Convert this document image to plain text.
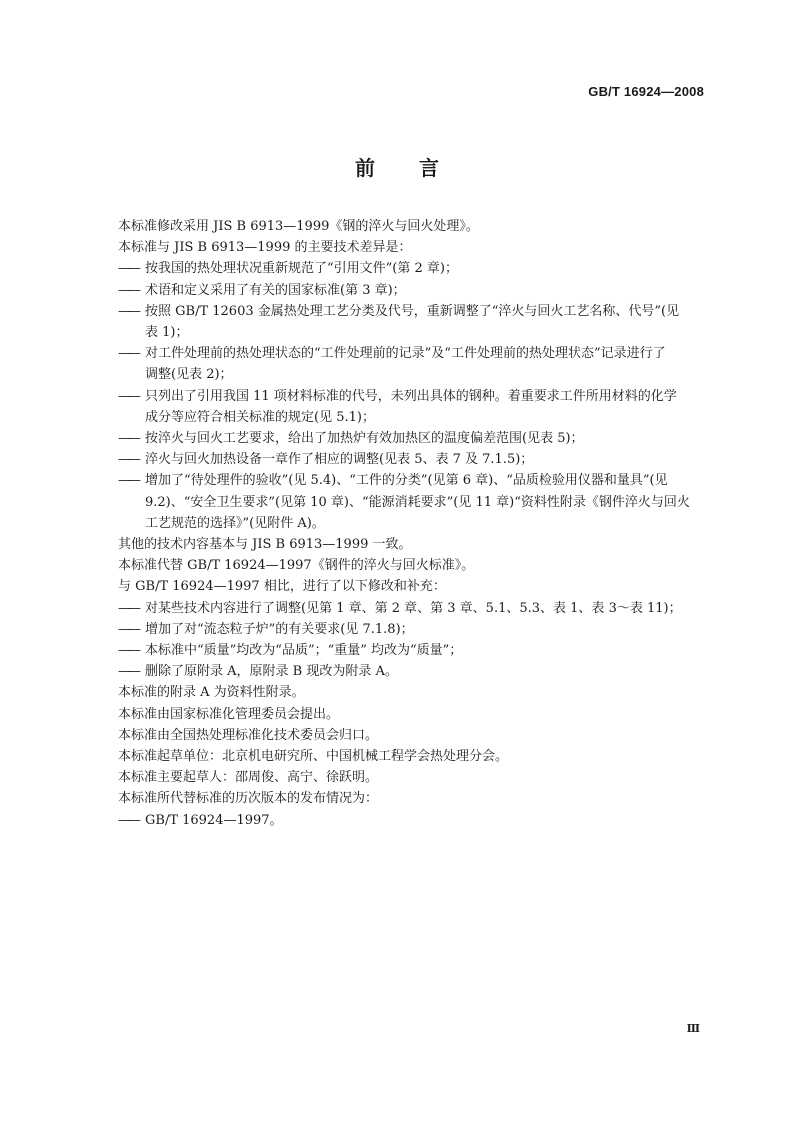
GB/T 16924—2008
前言

本标准修改采用 JIS B 6913—1999《钢的淬火与回火处理》。

本标准与 JIS B 6913—1999 的主要技术差异是：

—— 按我国的热处理状况重新规范了“引用文件”(第 2 章)；
—— 术语和定义采用了有关的国家标准(第 3 章)；
—— 按照 GB/T 12603 金属热处理工艺分类及代号，重新调整了“淬火与回火工艺名称、代号”(见
表 1)；
—— 对工件处理前的热处理状态的“工件处理前的记录”及“工件处理前的热处理状态”记录进行了
调整(见表 2)；
—— 只列出了引用我国 11 项材料标准的代号，未列出具体的钢种。着重要求工件所用材料的化学
成分等应符合相关标准的规定(见 5.1)；
—— 按淬火与回火工艺要求，给出了加热炉有效加热区的温度偏差范围(见表 5)；
—— 淬火与回火加热设备一章作了相应的调整(见表 5、表 7 及 7.1.5)；
—— 增加了“待处理件的验收”(见 5.4)、“工件的分类”(见第 6 章)、“品质检验用仪器和量具”(见
9.2)、“安全卫生要求”(见第 10 章)、“能源消耗要求”(见 11 章)“资料性附录《钢件淬火与回火
工艺规范的选择》”(见附件 A)。

其他的技术内容基本与 JIS B 6913—1999 一致。

本标准代替 GB/T 16924—1997《钢件的淬火与回火标准》。

与 GB/T 16924—1997 相比，进行了以下修改和补充：

—— 对某些技术内容进行了调整(见第 1 章、第 2 章、第 3 章、5.1、5.3、表 1、表 3～表 11)；
—— 增加了对“流态粒子炉”的有关要求(见 7.1.8)；
—— 本标准中“质量”均改为“品质”；“重量” 均改为“质量”；
—— 删除了原附录 A，原附录 B 现改为附录 A。

本标准的附录 A 为资料性附录。

本标准由国家标准化管理委员会提出。

本标准由全国热处理标准化技术委员会归口。

本标准起草单位：北京机电研究所、中国机械工程学会热处理分会。

本标准主要起草人：邵周俊、高宁、徐跃明。

本标准所代替标准的历次版本的发布情况为：

—— GB/T 16924—1997。
Ⅲ
